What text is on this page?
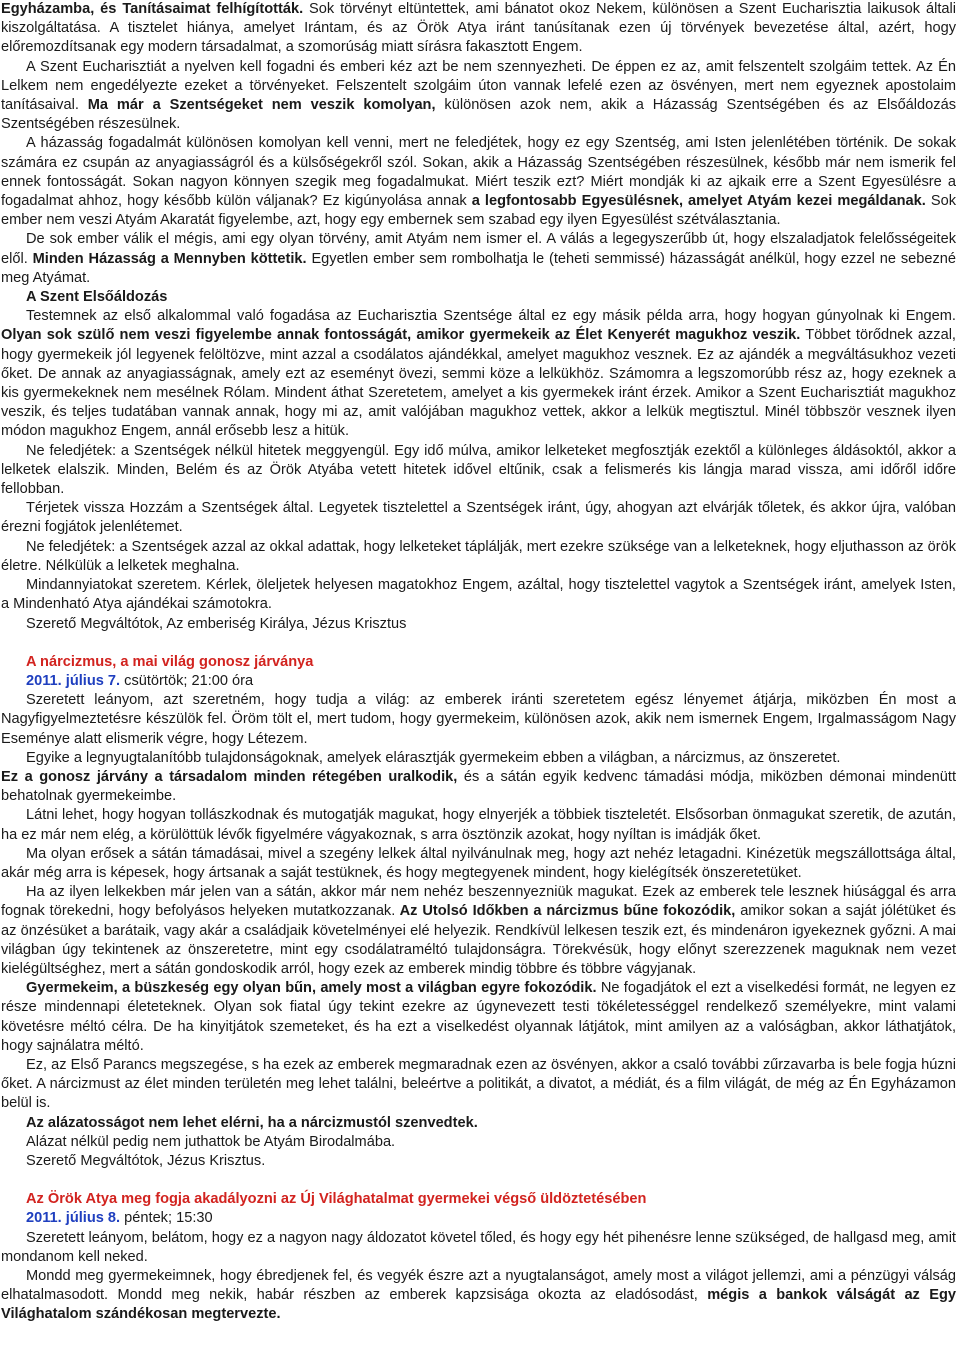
Egyházamba, és Tanításaimat felhígították. Sok törvényt eltüntettek, ami bánatot okoz Nekem, különösen a Szent Eucharisztia laikusok általi kiszolgáltatása. A tisztelet hiánya, amelyet Irántam, és az Örök Atya iránt tanúsítanak ezen új törvények bevezetése által, azért, hogy előremozdítsanak egy modern társadalmat, a szomorúság miatt sírásra fakasztott Engem.

A Szent Eucharisztiát a nyelven kell fogadni és emberi kéz azt be nem szennyezheti. De éppen ez az, amit felszentelt szolgáim tettek. Az Én Lelkem nem engedélyezte ezeket a törvényeket. Felszentelt szolgáim úton vannak lefelé ezen az ösvényen, mert nem egyeznek apostolaim tanításaival. Ma már a Szentségeket nem veszik komolyan, különösen azok nem, akik a Házasság Szentségében és az Elsőáldozás Szentségében részesülnek.

A házasság fogadalmát különösen komolyan kell venni, mert ne feledjétek, hogy ez egy Szentség, ami Isten jelenlétében történik. De sokak számára ez csupán az anyagiasságról és a külsőségekről szól. Sokan, akik a Házasság Szentségében részesülnek, később már nem ismerik fel ennek fontosságát. Sokan nagyon könnyen szegik meg fogadalmukat. Miért teszik ezt? Miért mondják ki az ajkaik erre a Szent Egyesülésre a fogadalmat ahhoz, hogy később külön váljanak? Ez kigúnyolása annak a legfontosabb Egyesülésnek, amelyet Atyám kezei megáldanak. Sok ember nem veszi Atyám Akaratát figyelembe, azt, hogy egy embernek sem szabad egy ilyen Egyesülést szétválasztania.

De sok ember válik el mégis, ami egy olyan törvény, amit Atyám nem ismer el. A válás a legegyszerűbb út, hogy elszaladjatok felelősségeitek elől. Minden Házasság a Mennyben köttetik. Egyetlen ember sem rombolhatja le (teheti semmissé) házasságát anélkül, hogy ezzel ne sebezné meg Atyámat.

A Szent Elsőáldozás

Testemnek az első alkalommal való fogadása az Eucharisztia Szentsége által ez egy másik példa arra, hogy hogyan gúnyolnak ki Engem. Olyan sok szülő nem veszi figyelembe annak fontosságát, amikor gyermekeik az Élet Kenyerét magukhoz veszik. Többet törődnek azzal, hogy gyermekeik jól legyenek felöltözve, mint azzal a csodálatos ajándékkal, amelyet magukhoz vesznek. Ez az ajándék a megváltásukhoz vezeti őket. De annak az anyagiasságnak, amely ezt az eseményt övezi, semmi köze a lelkükhöz. Számomra a legszomorúbb rész az, hogy ezeknek a kis gyermekeknek nem mesélnek Rólam. Mindent áthat Szeretetem, amelyet a kis gyermekek iránt érzek. Amikor a Szent Eucharisztiát magukhoz veszik, és teljes tudatában vannak annak, hogy mi az, amit valójában magukhoz vettek, akkor a lelkük megtisztul. Minél többször vesznek ilyen módon magukhoz Engem, annál erősebb lesz a hitük.

Ne feledjétek: a Szentségek nélkül hitetek meggyengül. Egy idő múlva, amikor lelketeket megfosztják ezektől a különleges áldásoktól, akkor a lelketek elalszik. Minden, Belém és az Örök Atyába vetett hitetek idővel eltűnik, csak a felismerés kis lángja marad vissza, ami időről időre fellobban.

Térjetek vissza Hozzám a Szentségek által. Legyetek tisztelettel a Szentségek iránt, úgy, ahogyan azt elvárják tőletek, és akkor újra, valóban érezni fogjátok jelenlétemet.

Ne feledjétek: a Szentségek azzal az okkal adattak, hogy lelketeket táplálják, mert ezekre szüksége van a lelketeknek, hogy eljuthasson az örök életre. Nélkülük a lelketek meghalna.

Mindannyiatokat szeretem. Kérlek, öleljetek helyesen magatokhoz Engem, azáltal, hogy tisztelettel vagytok a Szentségek iránt, amelyek Isten, a Mindenható Atya ajándékai számotokra.

Szerető Megváltótok, Az emberiség Királya, Jézus Krisztus

A nárcizmus, a mai világ gonosz járványa

2011. július 7. csütörtök; 21:00 óra

Szeretett leányom, azt szeretném, hogy tudja a világ: az emberek iránti szeretetem egész lényemet átjárja, miközben Én most a Nagyfigyelmeztetésre készülök fel. Öröm tölt el, mert tudom, hogy gyermekeim, különösen azok, akik nem ismernek Engem, Irgalmasságom Nagy Eseménye alatt elismerik végre, hogy Létezem.

Egyike a legnyugtalanítóbb tulajdonságoknak, amelyek elárasztják gyermekeim ebben a világban, a nárcizmus, az önszeretet.

Ez a gonosz járvány a társadalom minden rétegében uralkodik, és a sátán egyik kedvenc támadási módja, miközben démonai mindenütt behatolnak gyermekeimbe.

Látni lehet, hogy hogyan tollászkodnak és mutogatják magukat, hogy elnyerjék a többiek tiszteletét. Elsősorban önmagukat szeretik, de azután, ha ez már nem elég, a körülöttük lévők figyelmére vágyakoznak, s arra ösztönzik azokat, hogy nyíltan is imádják őket.

Ma olyan erősek a sátán támadásai, mivel a szegény lelkek által nyilvánulnak meg, hogy azt nehéz letagadni. Kinézetük megszállottsága által, akár még arra is képesek, hogy ártsanak a saját testüknek, és hogy megtegyenek mindent, hogy kielégítsék önszeretetüket.

Ha az ilyen lelkekben már jelen van a sátán, akkor már nem nehéz beszennyezniük magukat. Ezek az emberek tele lesznek hiúsággal és arra fognak törekedni, hogy befolyásos helyeken mutatkozzanak. Az Utolsó Időkben a nárcizmus bűne fokozódik, amikor sokan a saját jólétüket és az önzésüket a barátaik, vagy akár a családjaik követelményei elé helyezik. Rendkívül lelkesen teszik ezt, és mindenáron igyekeznek győzni. A mai világban úgy tekintenek az önszeretetre, mint egy csodálatraméltó tulajdonságra. Törekvésük, hogy előnyt szerezzenek maguknak nem vezet kielégültséghez, mert a sátán gondoskodik arról, hogy ezek az emberek mindig többre és többre vágyjanak.

Gyermekeim, a büszkeség egy olyan bűn, amely most a világban egyre fokozódik. Ne fogadjátok el ezt a viselkedési formát, ne legyen ez része mindennapi életeteknek. Olyan sok fiatal úgy tekint ezekre az úgynevezett testi tökéletességgel rendelkező személyekre, mint valami követésre méltó célra. De ha kinyitjátok szemeteket, és ha ezt a viselkedést olyannak látjátok, mint amilyen az a valóságban, akkor láthatjátok, hogy sajnálatra méltó.

Ez, az Első Parancs megszegése, s ha ezek az emberek megmaradnak ezen az ösvényen, akkor a csaló további zűrzavarba is bele fogja húzni őket. A nárcizmust az élet minden területén meg lehet találni, beleértve a politikát, a divatot, a médiát, és a film világát, de még az Én Egyházamon belül is.

Az alázatosságot nem lehet elérni, ha a nárcizmustól szenvedtek.

Alázat nélkül pedig nem juthattok be Atyám Birodalmába.

Szerető Megváltótok, Jézus Krisztus.

Az Örök Atya meg fogja akadályozni az Új Világhatalmat gyermekei végső üldöztetésében

2011. július 8. péntek; 15:30

Szeretett leányom, belátom, hogy ez a nagyon nagy áldozatot követel tőled, és hogy egy hét pihenésre lenne szükséged, de hallgasd meg, amit mondanom kell neked.

Mondd meg gyermekeimnek, hogy ébredjenek fel, és vegyék észre azt a nyugtalanságot, amely most a világot jellemzi, ami a pénzügyi válság elhatalmasodott. Mondd meg nekik, habár részben az emberek kapzsisága okozta az eladósodást, mégis a bankok válságát az Egy Világhatalom szándékosan megtervezte.
